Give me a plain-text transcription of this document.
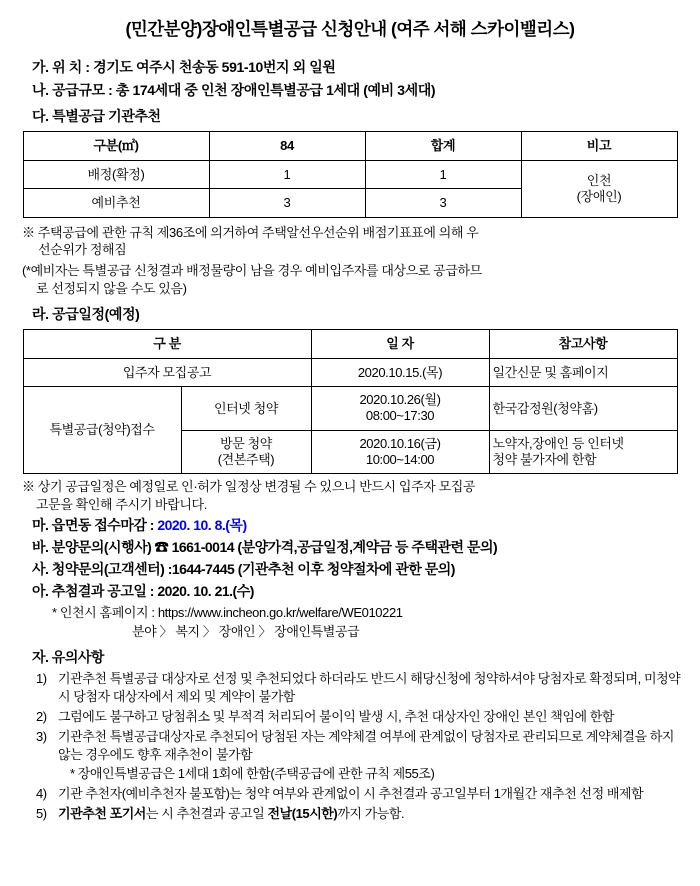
(민간분양)장애인특별공급 신청안내 (여주 서해 스카이밸리스)
가. 위 치 : 경기도 여주시 천송동 591-10번지 외 일원
나. 공급규모 : 총 174세대 중 인천 장애인특별공급 1세대 (예비 3세대)
다. 특별공급 기관추천
구분(㎡)	84	합계	비고
배정(확정)	1	1	인천
(장애인)
예비추천	3	3	
※ 주택공급에 관한 규칙 제36조에 의거하여 주택알선우선순위 배점기표표에 의해 우
선순위가 정해짐
(*예비자는 특별공급 신청결과 배정물량이 남을 경우 예비입주자를 대상으로 공급하므
로 선정되지 않을 수도 있음)
라. 공급일정(예정)
구 분		일 자	참고사항
입주자 모집공고		2020.10.15.(목)	일간신문 및 홈페이지
특별공급(청약)접수	인터넷 청약	2020.10.26(월)
08:00~17:30	한국감정원(청약홈)
	방문 청약
(견본주택)	2020.10.16(금)
10:00~14:00	노약자,장애인 등 인터넷
청약 불가자에 한함
※ 상기 공급일정은 예정일로 인·허가 일정상 변경될 수 있으니 반드시 입주자 모집공
고문을 확인해 주시기 바랍니다.
마. 읍면동 접수마감 : 2020. 10. 8.(목)
바. 분양문의(시행사) ☎ 1661-0014 (분양가격,공급일정,계약금 등 주택관련 문의)
사. 청약문의(고객센터) :1644-7445 (기관추천 이후 청약절차에 관한 문의)
아. 추첨결과 공고일 : 2020. 10. 21.(수)
* 인천시 홈페이지 : https://www.incheon.go.kr/welfare/WE010221
분야 〉 복지 〉 장애인 〉 장애인특별공급
자. 유의사항
1) 기관추천 특별공급 대상자로 선정 및 추천되었다 하더라도 반드시 해당신청에 청약하셔야 당첨자로 확정되며, 미청약 시 당첨자 대상자에서 제외 및 계약이 불가함
2) 그럼에도 불구하고 당첨취소 및 부적격 처리되어 불이익 발생 시, 추천 대상자인 장애인 본인 책임에 한함
3) 기관추천 특별공급대상자로 추천되어 당첨된 자는 계약체결 여부에 관계없이 당첨자로 관리되므로 계약체결을 하지 않는 경우에도 향후 재추천이 불가함
* 장애인특별공급은 1세대 1회에 한함(주택공급에 관한 규칙 제55조)
4) 기관 추천자(예비추천자 불포함)는 청약 여부와 관계없이 시 추천결과 공고일부터 1개월간 재추천 선정 배제함
5) 기관추천 포기서는 시 추천결과 공고일 전날(15시한)까지 가능함.
